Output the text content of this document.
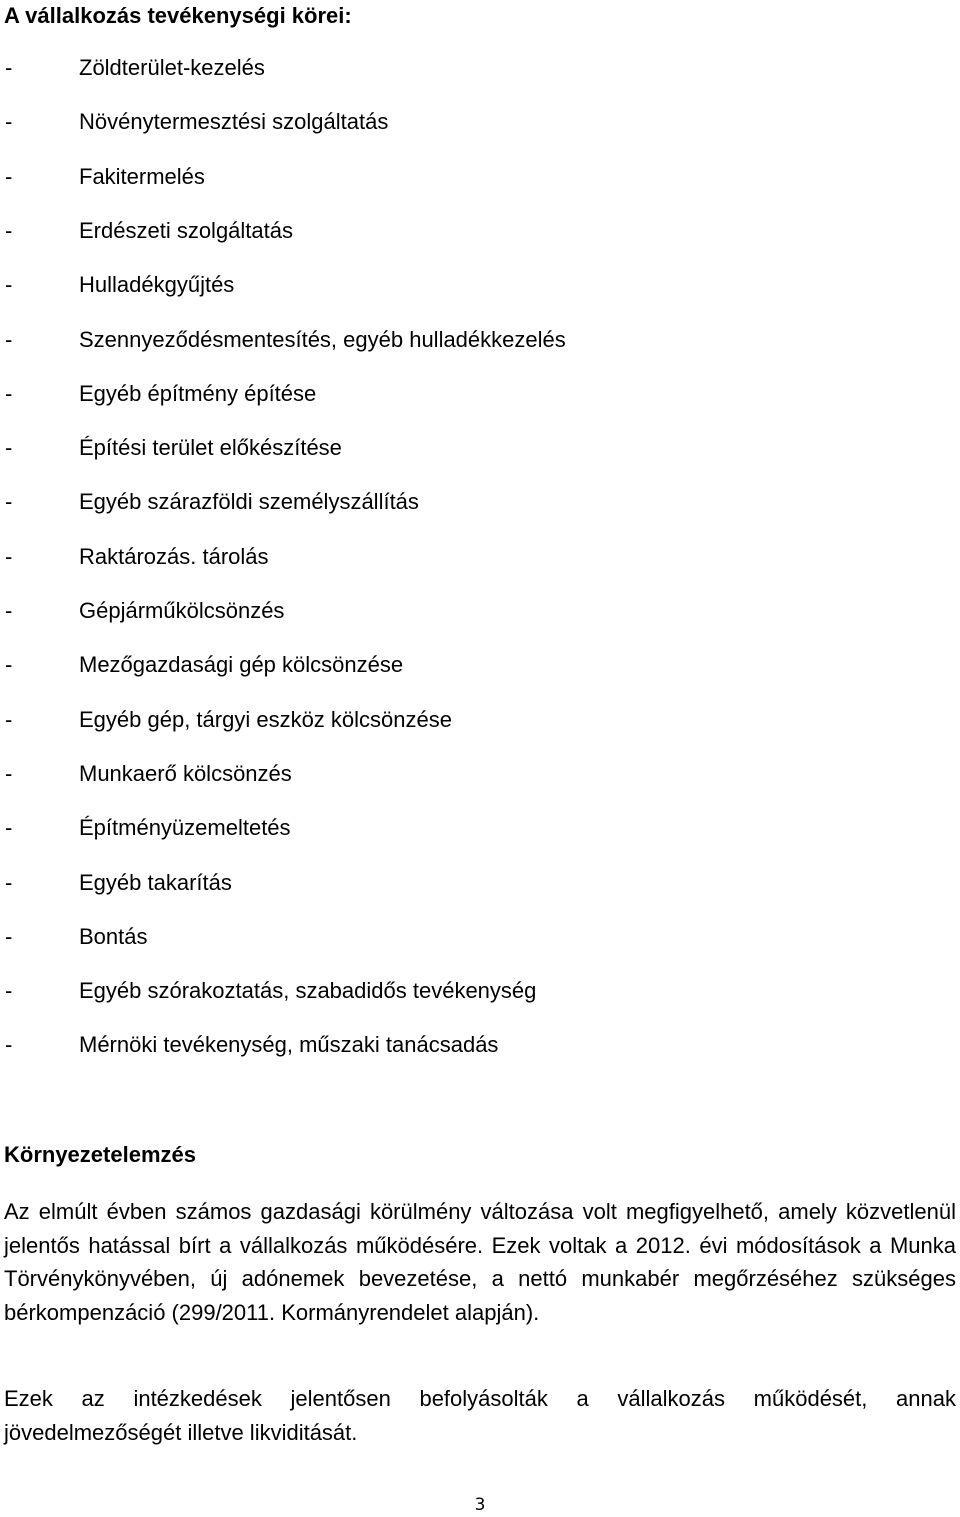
A vállalkozás tevékenységi körei:
-	Zöldterület-kezelés
-	Növénytermesztési szolgáltatás
-	Fakitermelés
-	Erdészeti szolgáltatás
-	Hulladékgyűjtés
-	Szennyeződésmentesítés, egyéb hulladékkezelés
-	Egyéb építmény építése
-	Építési terület előkészítése
-	Egyéb szárazföldi személyszállítás
-	Raktározás. tárolás
-	Gépjárműkölcsönzés
-	Mezőgazdasági gép kölcsönzése
-	Egyéb gép, tárgyi eszköz kölcsönzése
-	Munkaerő kölcsönzés
-	Építményüzemeltetés
-	Egyéb takarítás
-	Bontás
-	Egyéb szórakoztatás, szabadidős tevékenység
-	Mérnöki tevékenység, műszaki tanácsadás
Környezetelemzés

Az elmúlt évben számos gazdasági körülmény változása volt megfigyelhető, amely közvetlenül jelentős hatással bírt a vállalkozás működésére. Ezek voltak a 2012. évi módosítások a Munka Törvénykönyvében, új adónemek bevezetése, a nettó munkabér megőrzéséhez szükséges bérkompenzáció (299/2011. Kormányrendelet alapján).

Ezek az intézkedések jelentősen befolyásolták a vállalkozás működését, annak jövedelmezőségét illetve likviditását.

3
